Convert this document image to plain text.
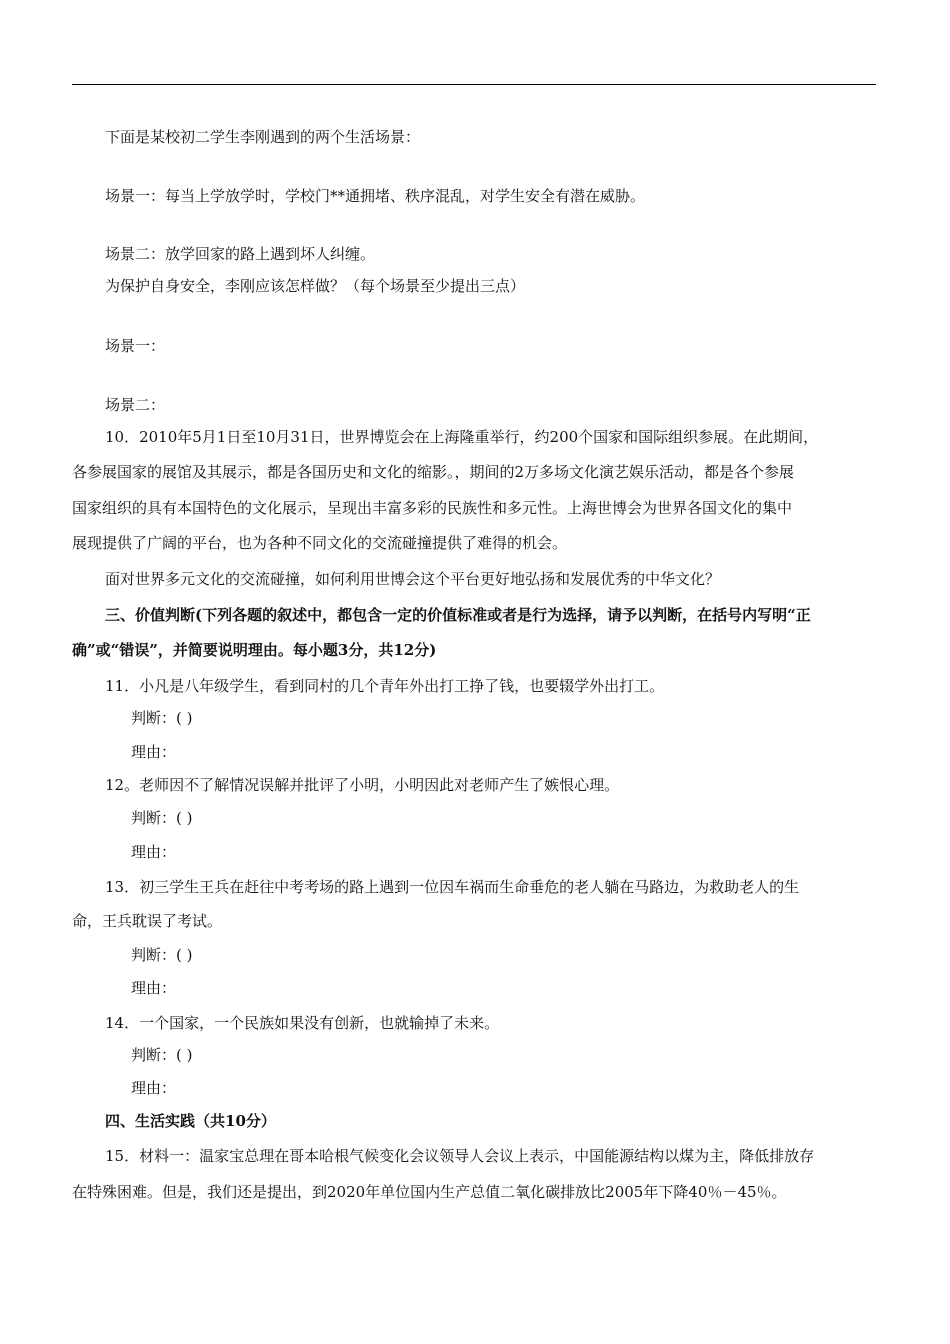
下面是某校初二学生李刚遇到的两个生活场景：
场景一：每当上学放学时，学校门**通拥堵、秩序混乱，对学生安全有潜在威胁。
场景二：放学回家的路上遇到坏人纠缠。
为保护自身安全，李刚应该怎样做？（每个场景至少提出三点）
场景一：
场景二：
10．2010年5月1日至10月31日，世界博览会在上海隆重举行，约200个国家和国际组织参展。在此期间，
各参展国家的展馆及其展示，都是各国历史和文化的缩影。，期间的2万多场文化演艺娱乐活动，都是各个参展
国家组织的具有本国特色的文化展示，呈现出丰富多彩的民族性和多元性。上海世博会为世界各国文化的集中
展现提供了广阔的平台，也为各种不同文化的交流碰撞提供了难得的机会。
面对世界多元文化的交流碰撞，如何利用世博会这个平台更好地弘扬和发展优秀的中华文化？
三、价值判断(下列各题的叙述中，都包含一定的价值标准或者是行为选择，请予以判断，在括号内写明“正
确”或“错误”，并简要说明理由。每小题3分，共12分)
11．小凡是八年级学生，看到同村的几个青年外出打工挣了钱，也要辍学外出打工。
判断：( )
理由：
12。老师因不了解情况误解并批评了小明，小明因此对老师产生了嫉恨心理。
判断：( )
理由：
13．初三学生王兵在赶往中考考场的路上遇到一位因车祸而生命垂危的老人躺在马路边，为救助老人的生
命，王兵耽误了考试。
判断：( )
理由：
14．一个国家，一个民族如果没有创新，也就输掉了未来。
判断：( )
理由：
四、生活实践（共10分）
15．材料一：温家宝总理在哥本哈根气候变化会议领导人会议上表示，中国能源结构以煤为主，降低排放存
在特殊困难。但是，我们还是提出，到2020年单位国内生产总值二氧化碳排放比2005年下降40％－45％。
